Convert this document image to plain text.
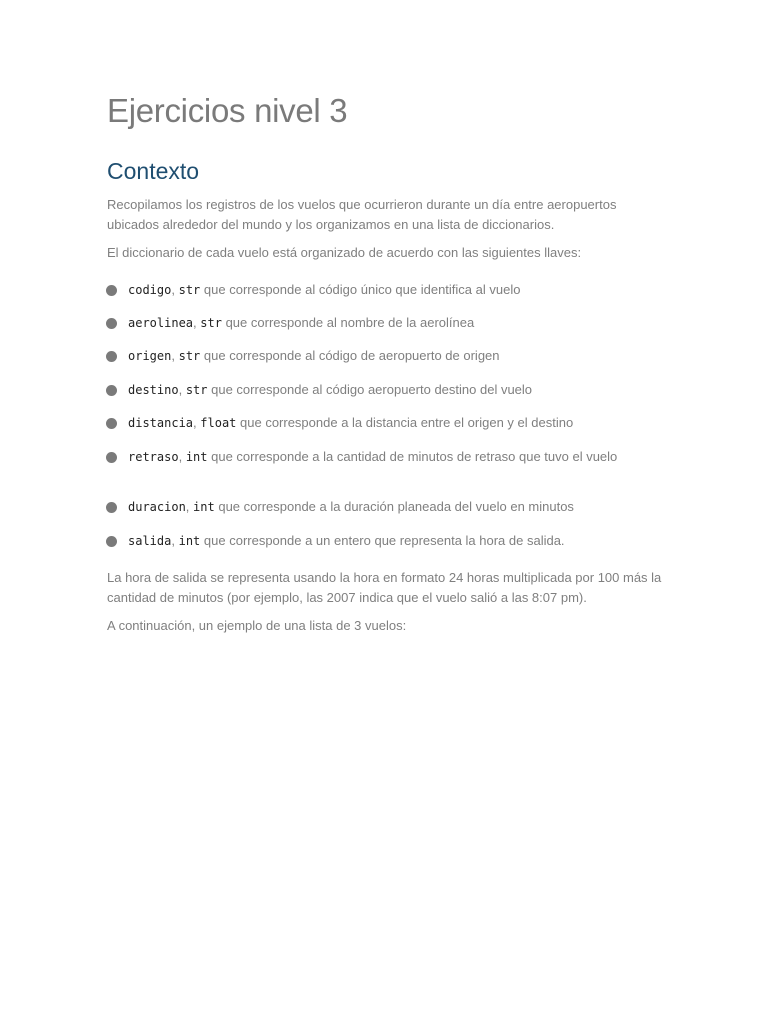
Ejercicios nivel 3
Contexto

Recopilamos los registros de los vuelos que ocurrieron durante un día entre aeropuertos ubicados alrededor del mundo y los organizamos en una lista de diccionarios.

El diccionario de cada vuelo está organizado de acuerdo con las siguientes llaves:

codigo, str que corresponde al código único que identifica al vuelo
aerolinea, str que corresponde al nombre de la aerolínea
origen, str que corresponde al código de aeropuerto de origen
destino, str que corresponde al código aeropuerto destino del vuelo
distancia, float que corresponde a la distancia entre el origen y el destino
retraso, int que corresponde a la cantidad de minutos de retraso que tuvo el vuelo
duracion, int que corresponde a la duración planeada del vuelo en minutos
salida, int que corresponde a un entero que representa la hora de salida.

La hora de salida se representa usando la hora en formato 24 horas multiplicada por 100 más la cantidad de minutos (por ejemplo, las 2007 indica que el vuelo salió a las 8:07 pm).

A continuación, un ejemplo de una lista de 3 vuelos:
